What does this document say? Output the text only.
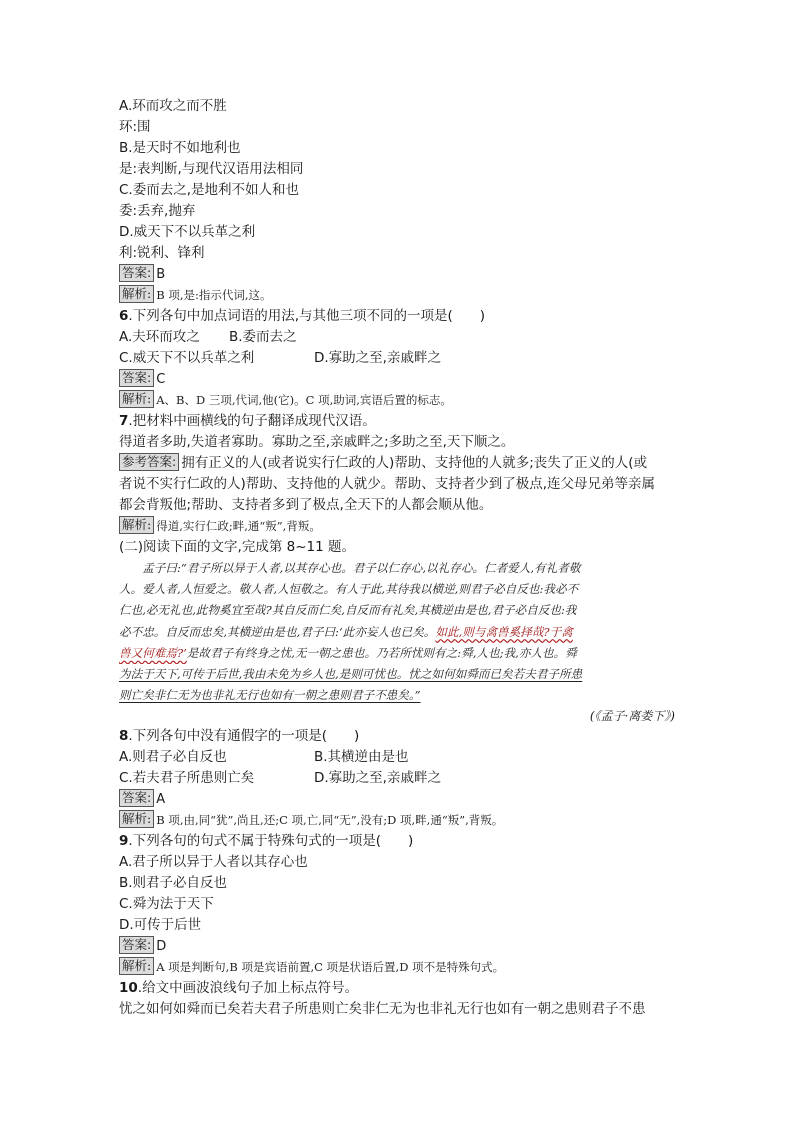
A.环而攻之而不胜
环:围
B.是天时不如地利也
是:表判断,与现代汉语用法相同
C.委而去之,是地利不如人和也
委:丢弃,抛弃
D.威天下不以兵革之利
利:锐利、锋利
答案: B
解析: B 项,是:指示代词,这。
6.下列各句中加点词语的用法,与其他三项不同的一项是(　　)
A.夫环而攻之	B.委而去之
C.威天下不以兵革之利	D.寡助之至,亲戚畔之
答案: C
解析: A、B、D 三项,代词,他(它)。C 项,助词,宾语后置的标志。
7.把材料中画横线的句子翻译成现代汉语。
得道者多助,失道者寡助。寡助之至,亲戚畔之;多助之至,天下顺之。
参考答案: 拥有正义的人(或者说实行仁政的人)帮助、支持他的人就多;丧失了正义的人(或
者说不实行仁政的人)帮助、支持他的人就少。帮助、支持者少到了极点,连父母兄弟等亲属
都会背叛他;帮助、支持者多到了极点,全天下的人都会顺从他。
解析: 得道,实行仁政;畔,通“叛”,背叛。
(二)阅读下面的文字,完成第 8~11 题。
　　孟子曰:“君子所以异于人者,以其存心也。君子以仁存心,以礼存心。仁者爱人,有礼者敬
人。爱人者,人恒爱之。敬人者,人恒敬之。有人于此,其待我以横逆,则君子必自反也:我必不
仁也,必无礼也,此物奚宜至哉?其自反而仁矣,自反而有礼矣,其横逆由是也,君子必自反也:我
必不忠。自反而忠矣,其横逆由是也,君子曰:‘此亦妄人也已矣。如此,则与禽兽奚择哉?于禽
兽又何难焉?’是故君子有终身之忧,无一朝之患也。乃若所忧则有之:舜,人也;我,亦人也。舜
为法于天下,可传于后世,我由未免为乡人也,是则可忧也。忧之如何如舜而已矣若夫君子所患
则亡矣非仁无为也非礼无行也如有一朝之患则君子不患矣。”
(《孟子·离娄下》)
8.下列各句中没有通假字的一项是(　　)
A.则君子必自反也	B.其横逆由是也
C.若夫君子所患则亡矣	D.寡助之至,亲戚畔之
答案: A
解析: B 项,由,同“犹”,尚且,还;C 项,亡,同“无”,没有;D 项,畔,通“叛”,背叛。
9.下列各句的句式不属于特殊句式的一项是(　　)
A.君子所以异于人者以其存心也
B.则君子必自反也
C.舜为法于天下
D.可传于后世
答案: D
解析: A 项是判断句,B 项是宾语前置,C 项是状语后置,D 项不是特殊句式。
10.给文中画波浪线句子加上标点符号。
忧之如何如舜而已矣若夫君子所患则亡矣非仁无为也非礼无行也如有一朝之患则君子不患
